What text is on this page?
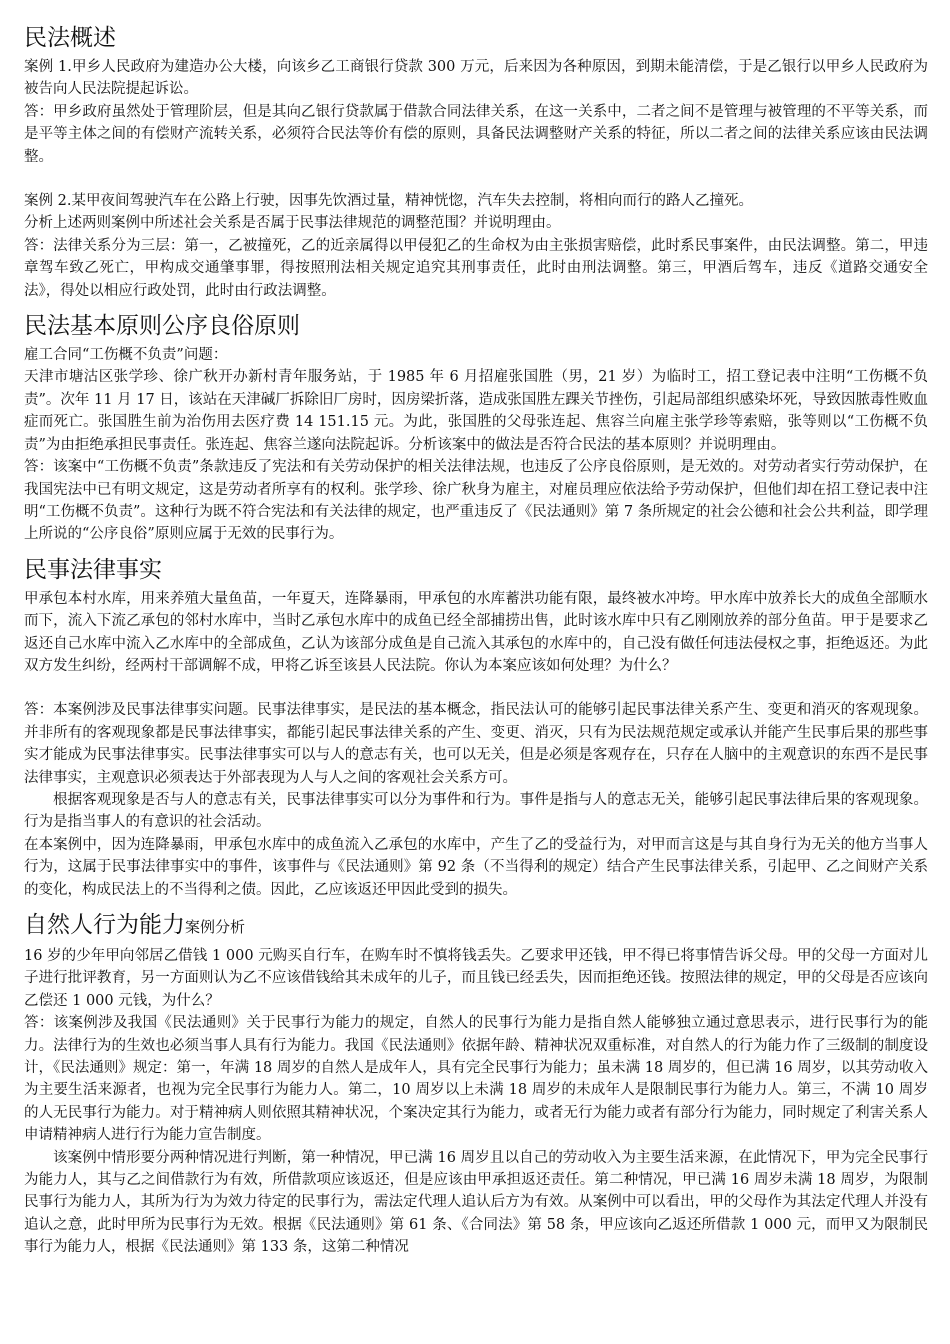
民法概述

案例 1.甲乡人民政府为建造办公大楼，向该乡乙工商银行贷款 300 万元，后来因为各种原因，到期未能清偿，于是乙银行以甲乡人民政府为被告向人民法院提起诉讼。

答：甲乡政府虽然处于管理阶层，但是其向乙银行贷款属于借款合同法律关系，在这一关系中，二者之间不是管理与被管理的不平等关系，而是平等主体之间的有偿财产流转关系，必须符合民法等价有偿的原则，具备民法调整财产关系的特征，所以二者之间的法律关系应该由民法调整。

案例 2.某甲夜间驾驶汽车在公路上行驶，因事先饮酒过量，精神恍惚，汽车失去控制，将相向而行的路人乙撞死。

分析上述两则案例中所述社会关系是否属于民事法律规范的调整范围？并说明理由。

答：法律关系分为三层：第一，乙被撞死，乙的近亲属得以甲侵犯乙的生命权为由主张损害赔偿，此时系民事案件，由民法调整。第二，甲违章驾车致乙死亡，甲构成交通肇事罪，得按照刑法相关规定追究其刑事责任，此时由刑法调整。第三，甲酒后驾车，违反《道路交通安全法》，得处以相应行政处罚，此时由行政法调整。

民法基本原则公序良俗原则

雇工合同“工伤概不负责”问题：

天津市塘沽区张学珍、徐广秋开办新村青年服务站，于 1985 年 6 月招雇张国胜（男，21 岁）为临时工，招工登记表中注明“工伤概不负责”。次年 11 月 17 日，该站在天津碱厂拆除旧厂房时，因房梁折落，造成张国胜左踝关节挫伤，引起局部组织感染坏死，导致因脓毒性败血症而死亡。张国胜生前为治伤用去医疗费 14 151.15 元。为此，张国胜的父母张连起、焦容兰向雇主张学珍等索赔，张等则以“工伤概不负责”为由拒绝承担民事责任。张连起、焦容兰遂向法院起诉。分析该案中的做法是否符合民法的基本原则？并说明理由。

答：该案中“工伤概不负责”条款违反了宪法和有关劳动保护的相关法律法规，也违反了公序良俗原则，是无效的。对劳动者实行劳动保护，在我国宪法中已有明文规定，这是劳动者所享有的权利。张学珍、徐广秋身为雇主，对雇员理应依法给予劳动保护，但他们却在招工登记表中注明“工伤概不负责”。这种行为既不符合宪法和有关法律的规定，也严重违反了《民法通则》第 7 条所规定的社会公德和社会公共利益，即学理上所说的“公序良俗”原则应属于无效的民事行为。

民事法律事实

甲承包本村水库，用来养殖大量鱼苗，一年夏天，连降暴雨，甲承包的水库蓄洪功能有限，最终被水冲垮。甲水库中放养长大的成鱼全部顺水而下，流入下流乙承包的邻村水库中，当时乙承包水库中的成鱼已经全部捕捞出售，此时该水库中只有乙刚刚放养的部分鱼苗。甲于是要求乙返还自己水库中流入乙水库中的全部成鱼，乙认为该部分成鱼是自己流入其承包的水库中的，自己没有做任何违法侵权之事，拒绝返还。为此双方发生纠纷，经两村干部调解不成，甲将乙诉至该县人民法院。你认为本案应该如何处理？为什么？

答：本案例涉及民事法律事实问题。民事法律事实，是民法的基本概念，指民法认可的能够引起民事法律关系产生、变更和消灭的客观现象。并非所有的客观现象都是民事法律事实，都能引起民事法律关系的产生、变更、消灭，只有为民法规范规定或承认并能产生民事后果的那些事实才能成为民事法律事实。民事法律事实可以与人的意志有关，也可以无关，但是必须是客观存在，只存在人脑中的主观意识的东西不是民事法律事实，主观意识必须表达于外部表现为人与人之间的客观社会关系方可。

根据客观现象是否与人的意志有关，民事法律事实可以分为事件和行为。事件是指与人的意志无关，能够引起民事法律后果的客观现象。行为是指当事人的有意识的社会活动。

在本案例中，因为连降暴雨，甲承包水库中的成鱼流入乙承包的水库中，产生了乙的受益行为，对甲而言这是与其自身行为无关的他方当事人行为，这属于民事法律事实中的事件，该事件与《民法通则》第 92 条（不当得利的规定）结合产生民事法律关系，引起甲、乙之间财产关系的变化，构成民法上的不当得利之债。因此，乙应该返还甲因此受到的损失。

自然人行为能力案例分析

16 岁的少年甲向邻居乙借钱 1 000 元购买自行车，在购车时不慎将钱丢失。乙要求甲还钱，甲不得已将事情告诉父母。甲的父母一方面对儿子进行批评教育，另一方面则认为乙不应该借钱给其未成年的儿子，而且钱已经丢失，因而拒绝还钱。按照法律的规定，甲的父母是否应该向乙偿还 1 000 元钱，为什么？

答：该案例涉及我国《民法通则》关于民事行为能力的规定，自然人的民事行为能力是指自然人能够独立通过意思表示，进行民事行为的能力。法律行为的生效也必须当事人具有行为能力。我国《民法通则》依据年龄、精神状况双重标准，对自然人的行为能力作了三级制的制度设计，《民法通则》规定：第一，年满 18 周岁的自然人是成年人，具有完全民事行为能力；虽未满 18 周岁的，但已满 16 周岁，以其劳动收入为主要生活来源者，也视为完全民事行为能力人。第二，10 周岁以上未满 18 周岁的未成年人是限制民事行为能力人。第三，不满 10 周岁的人无民事行为能力。对于精神病人则依照其精神状况，个案决定其行为能力，或者无行为能力或者有部分行为能力，同时规定了利害关系人申请精神病人进行行为能力宣告制度。

该案例中情形要分两种情况进行判断，第一种情况，甲已满 16 周岁且以自己的劳动收入为主要生活来源，在此情况下，甲为完全民事行为能力人，其与乙之间借款行为有效，所借款项应该返还，但是应该由甲承担返还责任。第二种情况，甲已满 16 周岁未满 18 周岁，为限制民事行为能力人，其所为行为为效力待定的民事行为，需法定代理人追认后方为有效。从案例中可以看出，甲的父母作为其法定代理人并没有追认之意，此时甲所为民事行为无效。根据《民法通则》第 61 条、《合同法》第 58 条，甲应该向乙返还所借款 1 000 元，而甲又为限制民事行为能力人，根据《民法通则》第 133 条，这第二种情况
